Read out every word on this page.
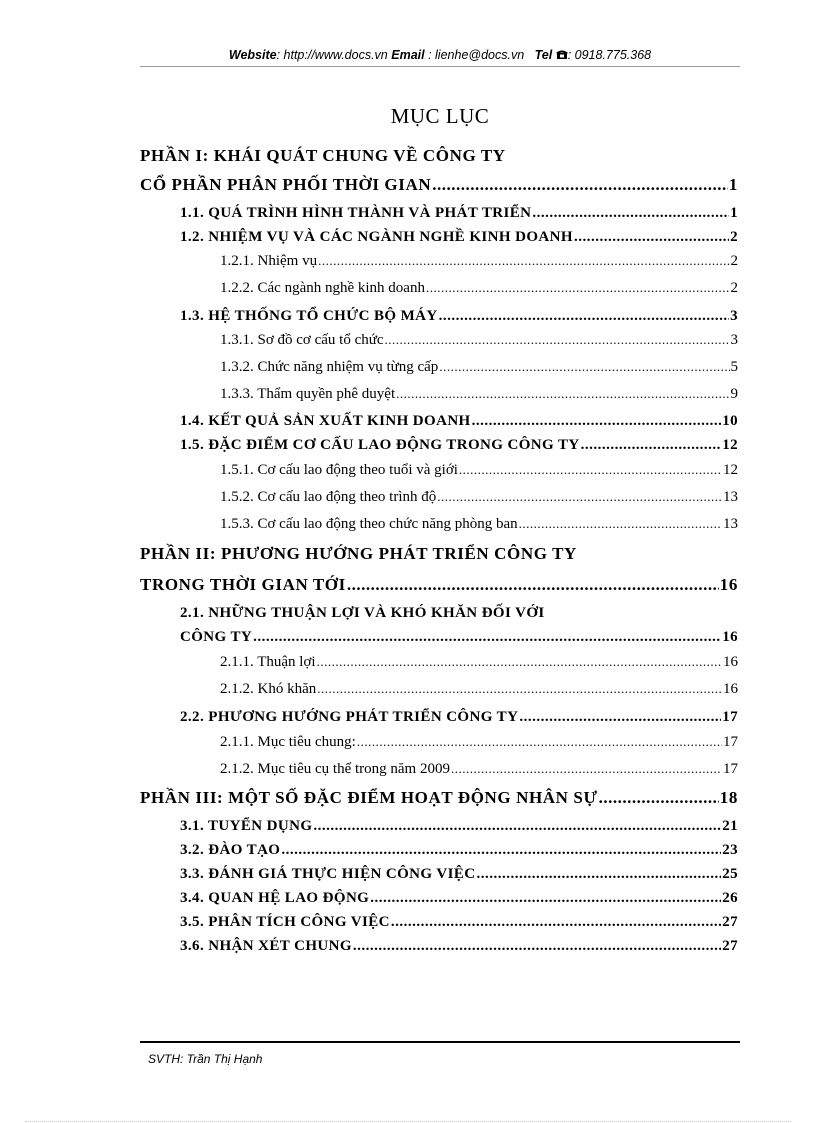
Website: http://www.docs.vn Email : lienhe@docs.vn Tel : 0918.775.368
MỤC LỤC
PHẦN I: KHÁI QUÁT CHUNG VỀ CÔNG TY
CỔ PHẦN PHÂN PHỐI THỜI GIAN .....	1
1.1. QUÁ TRÌNH HÌNH THÀNH VÀ PHÁT TRIỂN .....	1
1.2. NHIỆM VỤ VÀ CÁC NGÀNH NGHỀ KINH DOANH .....	2
1.2.1. Nhiệm vụ .....	2
1.2.2. Các ngành nghề kinh doanh .....	2
1.3. HỆ THỐNG TỔ CHỨC BỘ MÁY .....	3
1.3.1. Sơ đồ cơ cấu tổ chức .....	3
1.3.2. Chức năng nhiệm vụ từng cấp .....	5
1.3.3. Thẩm quyền phê duyệt .....	9
1.4. KẾT QUẢ SẢN XUẤT KINH DOANH .....	10
1.5. ĐẶC ĐIỂM CƠ CẤU LAO ĐỘNG TRONG CÔNG TY .....	12
1.5.1. Cơ cấu lao động theo tuổi và giới .....	12
1.5.2. Cơ cấu lao động theo trình độ .....	13
1.5.3. Cơ cấu lao động theo chức năng phòng ban .....	13
PHẦN II: PHƯƠNG HƯỚNG PHÁT TRIỂN CÔNG TY
TRONG THỜI GIAN TỚI .....	16
2.1. NHỮNG THUẬN LỢI VÀ KHÓ KHĂN ĐỐI VỚI
CÔNG TY .....	16
2.1.1. Thuận lợi .....	16
2.1.2. Khó khăn .....	16
2.2. PHƯƠNG HƯỚNG PHÁT TRIỂN CÔNG TY .....	17
2.1.1. Mục tiêu chung: .....	17
2.1.2. Mục tiêu cụ thể trong năm 2009 .....	17
PHẦN III: MỘT SỐ ĐẶC ĐIỂM HOẠT ĐỘNG NHÂN SỰ .....	18
3.1. TUYỂN DỤNG .....	21
3.2. ĐÀO TẠO .....	23
3.3. ĐÁNH GIÁ THỰC HIỆN CÔNG VIỆC .....	25
3.4. QUAN HỆ LAO ĐỘNG .....	26
3.5. PHÂN TÍCH CÔNG VIỆC .....	27
3.6. NHẬN XÉT CHUNG .....	27
SVTH: Trần Thị Hạnh
